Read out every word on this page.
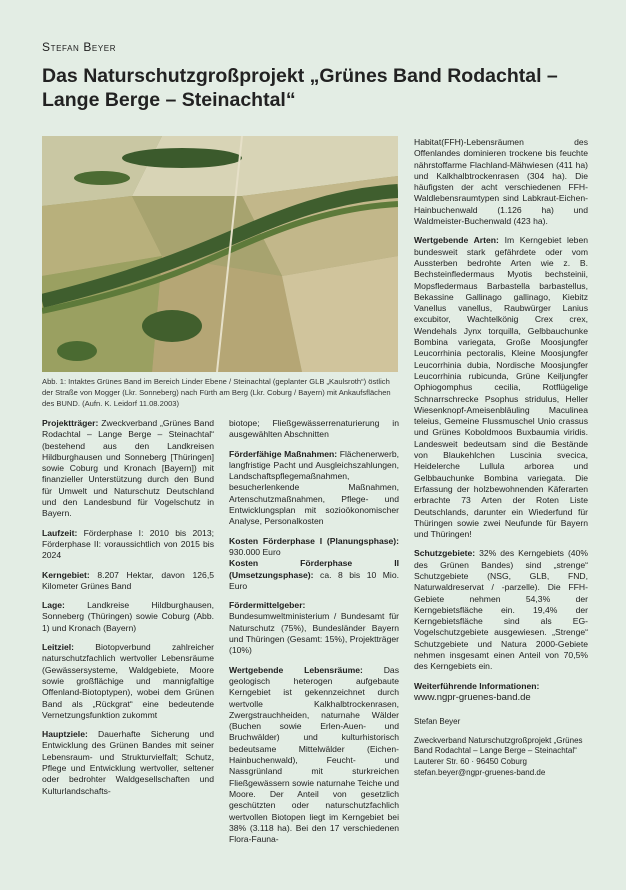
Stefan Beyer
Das Naturschutzgroßprojekt „Grünes Band Rodachtal – Lange Berge – Steinachtal“
Abb. 1: Intaktes Grünes Band im Bereich Linder Ebene / Steinachtal (geplanter GLB „Kaulsroth“) östlich der Straße von Mogger (Lkr. Sonneberg) nach Fürth am Berg (Lkr. Coburg / Bayern) mit Ankaufsflächen des BUND. (Aufn. K. Leidorf 11.08.2003)

Projektträger: Zweckverband „Grünes Band Rodachtal – Lange Berge – Steinachtal“ (bestehend aus den Landkreisen Hildburghausen und Sonneberg [Thüringen] sowie Coburg und Kronach [Bayern]) mit finanzieller Unterstützung durch den Bund für Umwelt und Naturschutz Deutschland und den Landesbund für Vogelschutz in Bayern.

Laufzeit: Förderphase I: 2010 bis 2013; Förderphase II: voraussichtlich von 2015 bis 2024

Kerngebiet: 8.207 Hektar, davon 126,5 Kilometer Grünes Band

Lage:	Landkreise Hildburghausen, Sonneberg (Thüringen) sowie Coburg (Abb. 1) und Kronach (Bayern)

Leitziel: Biotopverbund zahlreicher naturschutzfachlich wertvoller Lebensräume (Gewässersysteme, Waldgebiete, Moore sowie großflächige und mannigfaltige Offenland-Biotoptypen), wobei dem Grünen Band als „Rückgrat“ eine bedeutende Vernetzungsfunktion zukommt

Hauptziele: Dauerhafte Sicherung und Entwicklung des Grünen Bandes mit seiner Lebensraum- und Strukturvielfalt; Schutz, Pflege und Entwicklung wertvoller, seltener oder bedrohter Waldgesellschaften und Kulturlandschafts-

biotope; Fließgewässerrenaturierung in ausgewählten Abschnitten

Förderfähige Maßnahmen: Flächenerwerb, langfristige Pacht und Ausgleichszahlungen, Landschaftspflegemaßnahmen, besucherlenkende Maßnahmen, Artenschutzmaßnahmen, Pflege- und Entwicklungsplan mit sozioökonomischer Analyse, Personalkosten

Kosten Förderphase I (Planungsphase): 930.000 Euro
Kosten Förderphase II (Umsetzungsphase): ca. 8 bis 10 Mio. Euro

Fördermittelgeber: Bundesumweltministerium / Bundesamt für Naturschutz (75%), Bundesländer Bayern und Thüringen (Gesamt: 15%), Projektträger (10%)

Wertgebende Lebensräume: Das geologisch heterogen aufgebaute Kerngebiet ist gekennzeichnet durch wertvolle Kalkhalbtrockenrasen, Zwergstrauchheiden, naturnahe Wälder (Buchen sowie Erlen-Auen- und Bruchwälder) und kulturhistorisch bedeutsame Mittelwälder (Eichen-Hainbuchenwald), Feucht- und Nassgrünland mit sturkreichen Fließgewässern sowie naturnahe Teiche und Moore. Der Anteil von gesetzlich geschützten oder naturschutzfachlich wertvollen Biotopen liegt im Kerngebiet bei 38% (3.118 ha). Bei den 17 verschiedenen Flora-Fauna-

Habitat(FFH)-Lebensräumen des Offenlandes dominieren trockene bis feuchte nährstoffarme Flachland-Mähwiesen (411 ha) und Kalkhalbtrockenrasen (304 ha). Die häufigsten der acht verschiedenen FFH-Waldlebensraumtypen sind Labkraut-Eichen-Hainbuchenwald (1.126 ha) und Waldmeister-Buchenwald (423 ha).

Wertgebende Arten: Im Kerngebiet leben bundesweit stark gefährdete oder vom Aussterben bedrohte Arten wie z. B. Bechsteinfledermaus Myotis bechsteinii, Mopsfledermaus Barbastella barbastellus, Bekassine Gallinago gallinago, Kiebitz Vanellus vanellus, Raubwürger Lanius excubitor, Wachtelkönig Crex crex, Wendehals Jynx torquilla, Gelbbauchunke Bombina variegata, Große Moosjungfer Leucorrhinia pectoralis, Kleine Moosjungfer Leucorrhinia dubia, Nordische Moosjungfer Leucorrhinia rubicunda, Grüne Keiljungfer Ophiogomphus cecilia, Rotflügelige Schnarrschrecke Psophus stridulus, Heller Wiesenknopf-Ameisenbläuling Maculinea teleius, Gemeine Flussmuschel Unio crassus und Grünes Koboldmoos Buxbaumia viridis. Landesweit bedeutsam sind die Bestände von Blaukehlchen Luscinia svecica, Heidelerche Lullula arborea und Gelbbauchunke Bombina variegata. Die Erfassung der holzbewohnenden Käferarten erbrachte 73 Arten der Roten Liste Deutschlands, darunter ein Wiederfund für Thüringen sowie zwei Neufunde für Bayern und Thüringen!

Schutzgebiete: 32% des Kerngebiets (40% des Grünen Bandes) sind „strenge“ Schutzgebiete (NSG, GLB, FND, Naturwaldreservat / -parzelle). Die FFH-Gebiete nehmen 54,3% der Kerngebietsfläche ein. 19,4% der Kerngebietsfläche sind als EG-Vogelschutzgebiete ausgewiesen. „Strenge“ Schutzgebiete und Natura 2000-Gebiete nehmen insgesamt einen Anteil von 70,5% des Kerngebiets ein.

Weiterführende Informationen:
www.ngpr-gruenes-band.de

Stefan Beyer
Zweckverband Naturschutzgroßprojekt „Grünes Band Rodachtal – Lange Berge – Steinachtal“
Lauterer Str. 60 · 96450 Coburg
stefan.beyer@ngpr-gruenes-band.de
